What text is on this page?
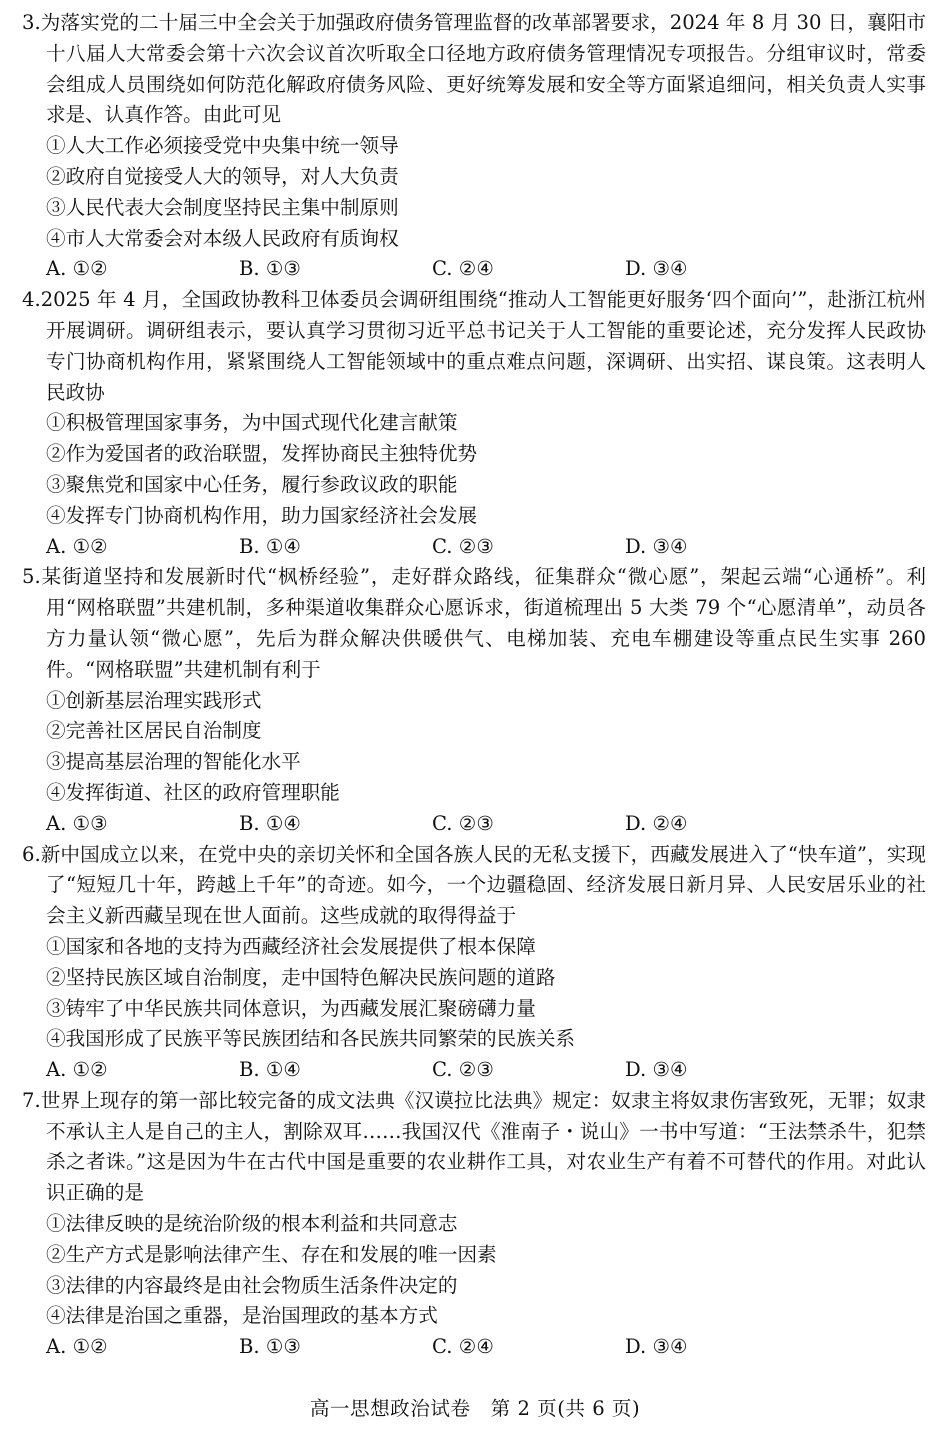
3.为落实党的二十届三中全会关于加强政府债务管理监督的改革部署要求，2024 年 8 月 30 日，襄阳市十八届人大常委会第十六次会议首次听取全口径地方政府债务管理情况专项报告。分组审议时，常委会组成人员围绕如何防范化解政府债务风险、更好统筹发展和安全等方面紧追细问，相关负责人实事求是、认真作答。由此可见

①人大工作必须接受党中央集中统一领导

②政府自觉接受人大的领导，对人大负责

③人民代表大会制度坚持民主集中制原则

④市人大常委会对本级人民政府有质询权

A. ①②	B. ①③	C. ②④	D. ③④

4.2025 年 4 月，全国政协教科卫体委员会调研组围绕“推动人工智能更好服务‘四个面向’”，赴浙江杭州开展调研。调研组表示，要认真学习贯彻习近平总书记关于人工智能的重要论述，充分发挥人民政协专门协商机构作用，紧紧围绕人工智能领域中的重点难点问题，深调研、出实招、谋良策。这表明人民政协

①积极管理国家事务，为中国式现代化建言献策

②作为爱国者的政治联盟，发挥协商民主独特优势

③聚焦党和国家中心任务，履行参政议政的职能

④发挥专门协商机构作用，助力国家经济社会发展

A. ①②	B. ①④	C. ②③	D. ③④

5.某街道坚持和发展新时代“枫桥经验”，走好群众路线，征集群众“微心愿”，架起云端“心通桥”。利用“网格联盟”共建机制，多种渠道收集群众心愿诉求，街道梳理出 5 大类 79 个“心愿清单”，动员各方力量认领“微心愿”，先后为群众解决供暖供气、电梯加装、充电车棚建设等重点民生实事 260 件。“网格联盟”共建机制有利于

①创新基层治理实践形式

②完善社区居民自治制度

③提高基层治理的智能化水平

④发挥街道、社区的政府管理职能

A. ①③	B. ①④	C. ②③	D. ②④

6.新中国成立以来，在党中央的亲切关怀和全国各族人民的无私支援下，西藏发展进入了“快车道”，实现了“短短几十年，跨越上千年”的奇迹。如今，一个边疆稳固、经济发展日新月异、人民安居乐业的社会主义新西藏呈现在世人面前。这些成就的取得得益于

①国家和各地的支持为西藏经济社会发展提供了根本保障

②坚持民族区域自治制度，走中国特色解决民族问题的道路

③铸牢了中华民族共同体意识，为西藏发展汇聚磅礴力量

④我国形成了民族平等民族团结和各民族共同繁荣的民族关系

A. ①②	B. ①④	C. ②③	D. ③④

7.世界上现存的第一部比较完备的成文法典《汉谟拉比法典》规定：奴隶主将奴隶伤害致死，无罪；奴隶不承认主人是自己的主人，割除双耳……我国汉代《淮南子・说山》一书中写道：“王法禁杀牛，犯禁杀之者诛。”这是因为牛在古代中国是重要的农业耕作工具，对农业生产有着不可替代的作用。对此认识正确的是

①法律反映的是统治阶级的根本利益和共同意志

②生产方式是影响法律产生、存在和发展的唯一因素

③法律的内容最终是由社会物质生活条件决定的

④法律是治国之重器，是治国理政的基本方式

A. ①②	B. ①③	C. ②④	D. ③④
高一思想政治试卷　第 2 页(共 6 页)
